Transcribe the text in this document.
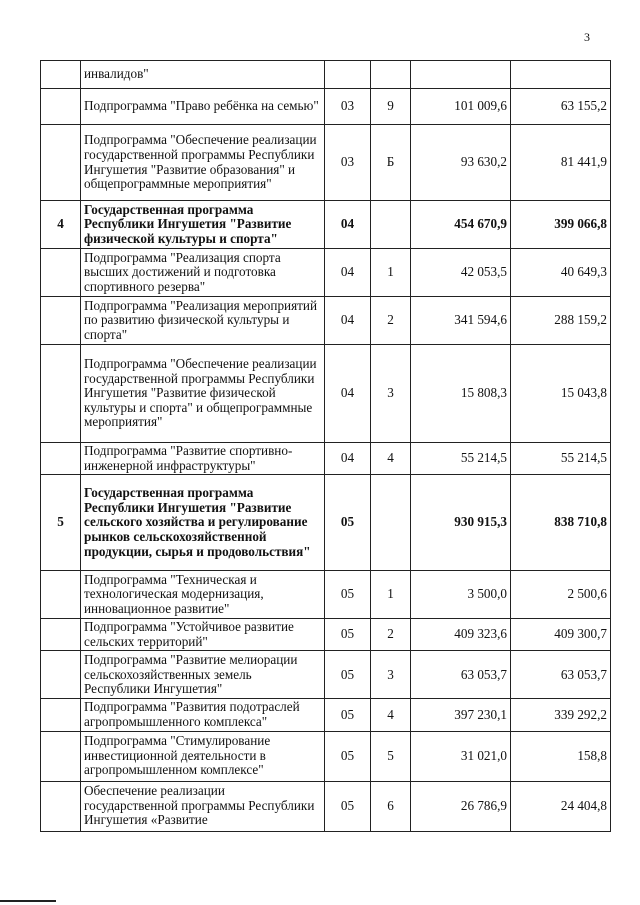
3
	инвалидов"				
	Подпрограмма "Право ребёнка на семью"	03	9	101 009,6	63 155,2
	Подпрограмма "Обеспечение реализации государственной программы Республики Ингушетия "Развитие образования" и общепрограммные мероприятия"	03	Б	93 630,2	81 441,9
4	Государственная программа Республики Ингушетия "Развитие физической культуры и спорта"	04		454 670,9	399 066,8
	Подпрограмма "Реализация спорта высших достижений и подготовка спортивного резерва"	04	1	42 053,5	40 649,3
	Подпрограмма "Реализация мероприятий по развитию физической культуры и спорта"	04	2	341 594,6	288 159,2
	Подпрограмма "Обеспечение реализации государственной программы Республики Ингушетия "Развитие физической культуры и спорта" и общепрограммные мероприятия"	04	3	15 808,3	15 043,8
	Подпрограмма "Развитие спортивно-инженерной инфраструктуры"	04	4	55 214,5	55 214,5
5	Государственная программа Республики Ингушетия "Развитие сельского хозяйства и регулирование рынков сельскохозяйственной продукции, сырья и продовольствия"	05		930 915,3	838 710,8
	Подпрограмма "Техническая и технологическая модернизация, инновационное развитие"	05	1	3 500,0	2 500,6
	Подпрограмма "Устойчивое развитие сельских территорий"	05	2	409 323,6	409 300,7
	Подпрограмма "Развитие мелиорации сельскохозяйственных земель Республики Ингушетия"	05	3	63 053,7	63 053,7
	Подпрограмма "Развития подотраслей агропромышленного комплекса"	05	4	397 230,1	339 292,2
	Подпрограмма "Стимулирование инвестиционной деятельности в агропромышленном комплексе"	05	5	31 021,0	158,8
	Обеспечение реализации государственной программы Республики Ингушетия «Развитие	05	6	26 786,9	24 404,8
